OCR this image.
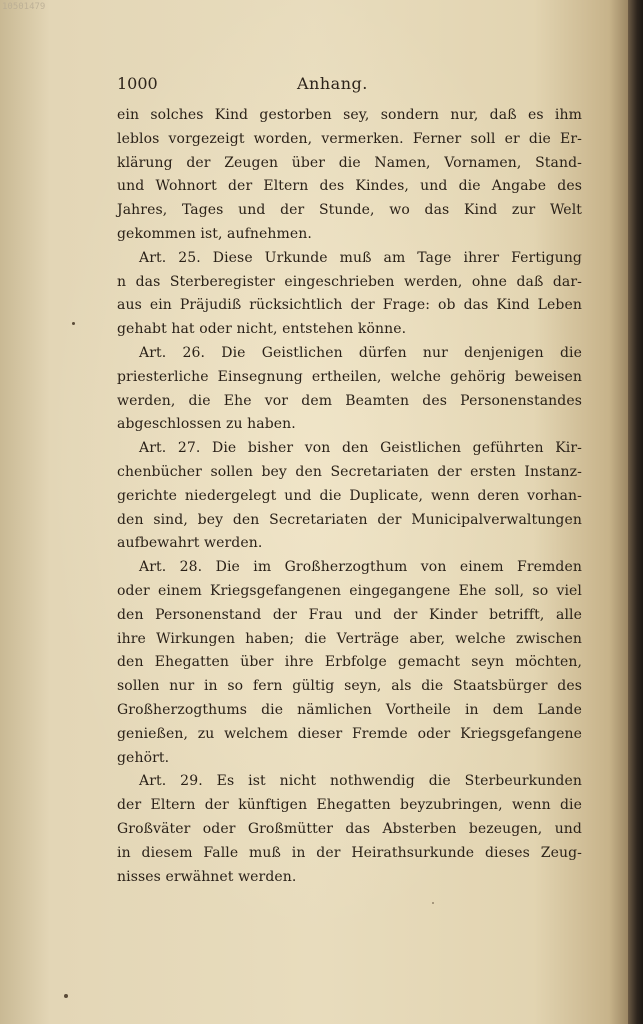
10501479
1000	Anhang.
ein solches Kind gestorben sey, sondern nur, daß es ihm
leblos vorgezeigt worden, vermerken. Ferner soll er die Er-
klärung der Zeugen über die Namen, Vornamen, Stand-
und Wohnort der Eltern des Kindes, und die Angabe des
Jahres, Tages und der Stunde, wo das Kind zur Welt
gekommen ist, aufnehmen.
Art. 25. Diese Urkunde muß am Tage ihrer Fertigung
n das Sterberegister eingeschrieben werden, ohne daß dar-
aus ein Präjudiß rücksichtlich der Frage: ob das Kind Leben
gehabt hat oder nicht, entstehen könne.
Art. 26. Die Geistlichen dürfen nur denjenigen die
priesterliche Einsegnung ertheilen, welche gehörig beweisen
werden, die Ehe vor dem Beamten des Personenstandes
abgeschlossen zu haben.
Art. 27. Die bisher von den Geistlichen geführten Kir-
chenbücher sollen bey den Secretariaten der ersten Instanz-
gerichte niedergelegt und die Duplicate, wenn deren vorhan-
den sind, bey den Secretariaten der Municipalverwaltungen
aufbewahrt werden.
Art. 28. Die im Großherzogthum von einem Fremden
oder einem Kriegsgefangenen eingegangene Ehe soll, so viel
den Personenstand der Frau und der Kinder betrifft, alle
ihre Wirkungen haben; die Verträge aber, welche zwischen
den Ehegatten über ihre Erbfolge gemacht seyn möchten,
sollen nur in so fern gültig seyn, als die Staatsbürger des
Großherzogthums die nämlichen Vortheile in dem Lande
genießen, zu welchem dieser Fremde oder Kriegsgefangene
gehört.
Art. 29. Es ist nicht nothwendig die Sterbeurkunden
der Eltern der künftigen Ehegatten beyzubringen, wenn die
Großväter oder Großmütter das Absterben bezeugen, und
in diesem Falle muß in der Heirathsurkunde dieses Zeug-
nisses erwähnet werden.
